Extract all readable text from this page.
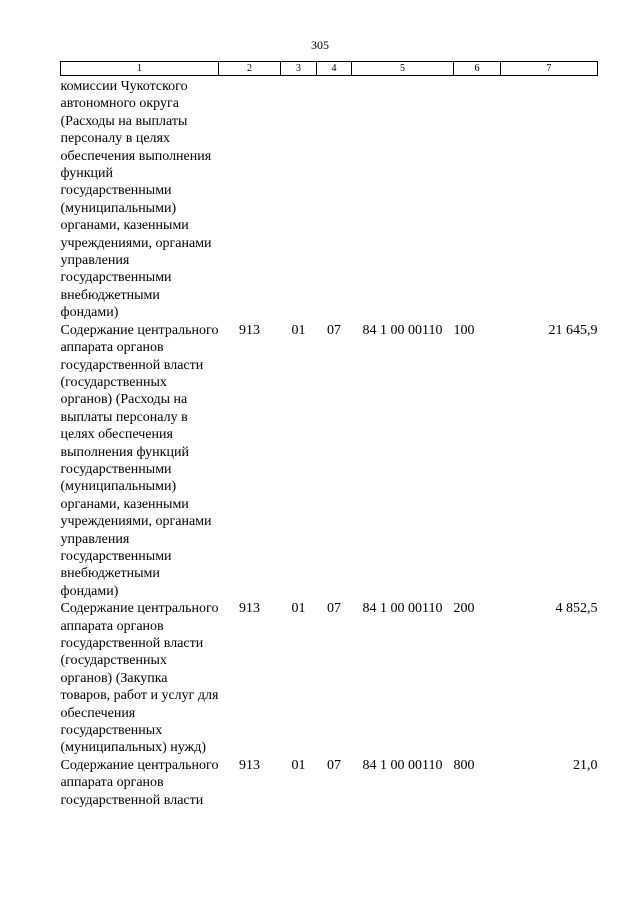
305
1	2	3	4	5	6	7
комиссии Чукотского автономного округа (Расходы на выплаты персоналу в целях обеспечения выполнения функций государственными (муниципальными) органами, казенными учреждениями, органами управления государственными внебюджетными фондами)						
Содержание центрального аппарата органов государственной власти (государственных органов) (Расходы на выплаты персоналу в целях обеспечения выполнения функций государственными (муниципальными) органами, казенными учреждениями, органами управления государственными внебюджетными фондами)	913	01	07	84 1 00 00110	100	21 645,9
Содержание центрального аппарата органов государственной власти (государственных органов) (Закупка товаров, работ и услуг для обеспечения государственных (муниципальных) нужд)	913	01	07	84 1 00 00110	200	4 852,5
Содержание центрального аппарата органов государственной власти	913	01	07	84 1 00 00110	800	21,0
